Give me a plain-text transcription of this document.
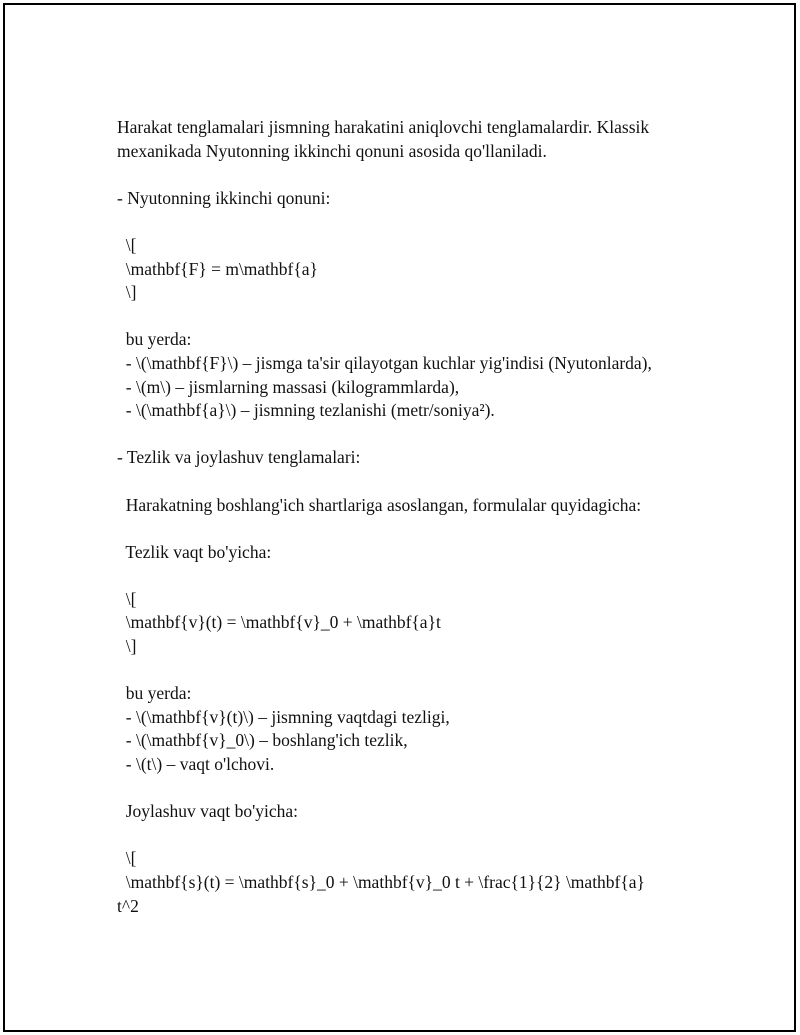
Harakat tenglamalari jismning harakatini aniqlovchi tenglamalardir. Klassik
mexanikada Nyutonning ikkinchi qonuni asosida qo'llaniladi.
- Nyutonning ikkinchi qonuni:
\[
\mathbf{F} = m\mathbf{a}
\]
bu yerda:
- \(\mathbf{F}\) – jismga ta'sir qilayotgan kuchlar yig'indisi (Nyutonlarda),
- \(m\) – jismlarning massasi (kilogrammlarda),
- \(\mathbf{a}\) – jismning tezlanishi (metr/soniya²).
- Tezlik va joylashuv tenglamalari:
Harakatning boshlang'ich shartlariga asoslangan, formulalar quyidagicha:
Tezlik vaqt bo'yicha:
\[
\mathbf{v}(t) = \mathbf{v}_0 + \mathbf{a}t
\]
bu yerda:
- \(\mathbf{v}(t)\) – jismning vaqtdagi tezligi,
- \(\mathbf{v}_0\) – boshlang'ich tezlik,
- \(t\) – vaqt o'lchovi.
Joylashuv vaqt bo'yicha:
\[
\mathbf{s}(t) = \mathbf{s}_0 + \mathbf{v}_0 t + \frac{1}{2} \mathbf{a}
t^2
